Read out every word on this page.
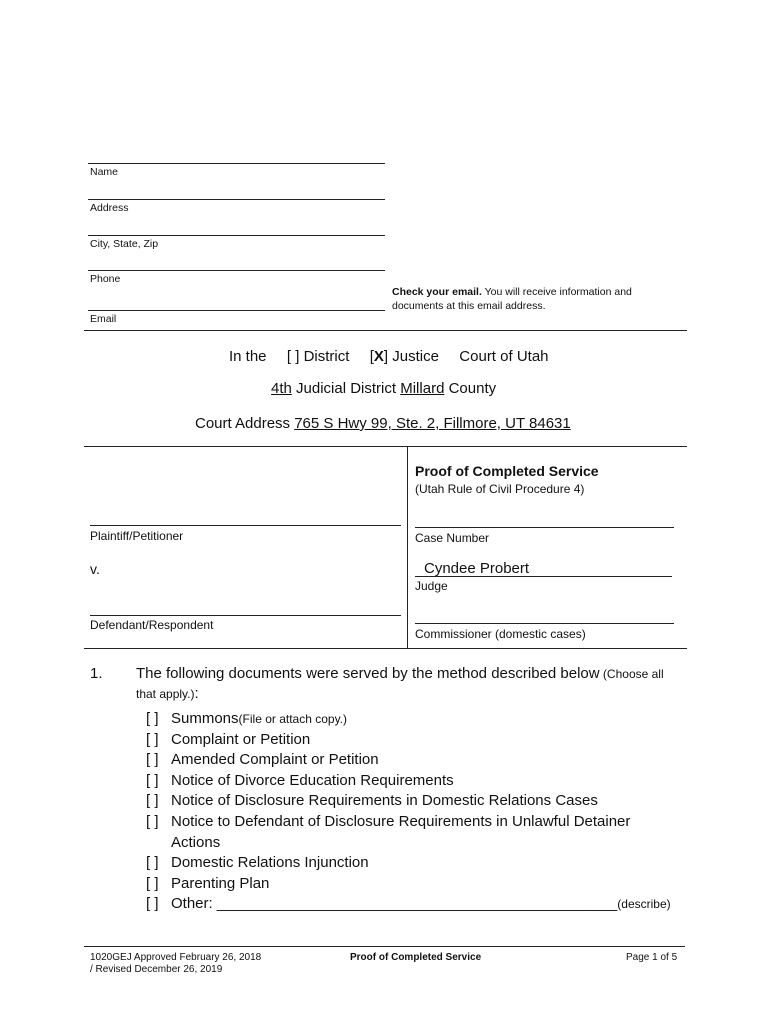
Name
Address
City, State, Zip
Phone
Email
Check your email. You will receive information and
documents at this email address.
In the [ ] District [X] Justice Court of Utah
4th Judicial District Millard County
Court Address 765 S Hwy 99, Ste. 2, Fillmore, UT 84631
Proof of Completed Service
(Utah Rule of Civil Procedure 4)
Plaintiff/Petitioner
v.
Defendant/Respondent
Case Number
Cyndee Probert
Judge
Commissioner (domestic cases)
1. The following documents were served by the method described below (Choose all
that apply.):
[ ] Summons (File or attach copy.)
[ ] Complaint or Petition
[ ] Amended Complaint or Petition
[ ] Notice of Divorce Education Requirements
[ ] Notice of Disclosure Requirements in Domestic Relations Cases
[ ] Notice to Defendant of Disclosure Requirements in Unlawful Detainer
Actions
[ ] Domestic Relations Injunction
[ ] Parenting Plan
[ ] Other: ________________________________________________ (describe)
1020GEJ Approved February 26, 2018
/ Revised December 26, 2019
Proof of Completed Service	Page 1 of 5
